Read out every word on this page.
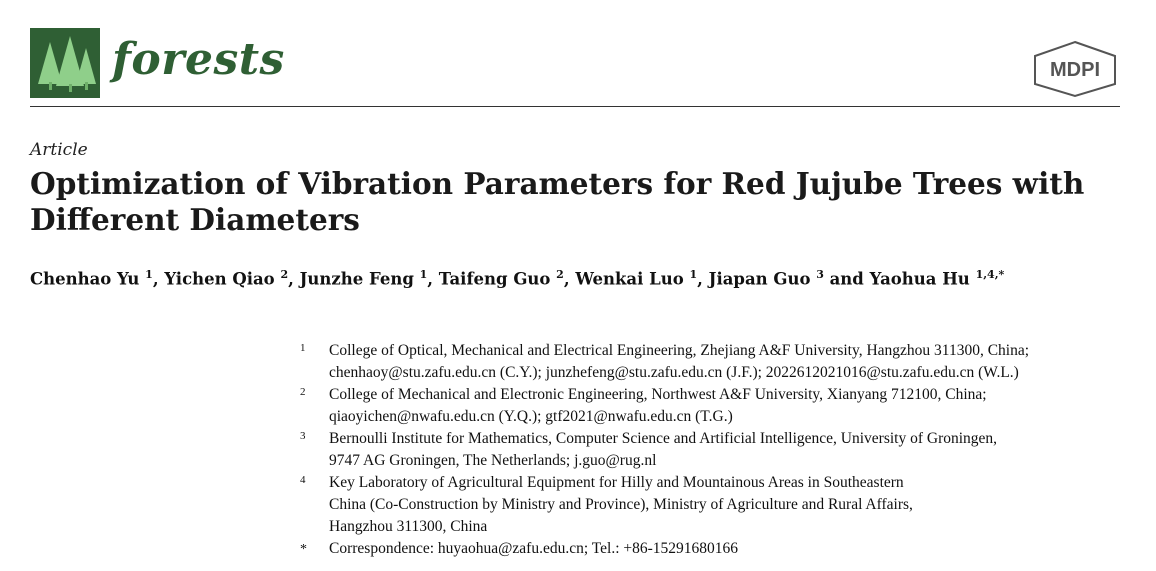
forests	MDPI
Article
Optimization of Vibration Parameters for Red Jujube Trees with Different Diameters
Chenhao Yu $^1$, Yichen Qiao $^2$, Junzhe Feng $^1$, Taifeng Guo $^2$, Wenkai Luo $^1$, Jiapan Guo $^3$ and Yaohua Hu $^{1,4,*}$
1 College of Optical, Mechanical and Electrical Engineering, Zhejiang A&F University, Hangzhou 311300, China;
chenhaoy@stu.zafu.edu.cn (C.Y.); junzhefeng@stu.zafu.edu.cn (J.F.); 2022612021016@stu.zafu.edu.cn (W.L.)
2 College of Mechanical and Electronic Engineering, Northwest A&F University, Xianyang 712100, China;
qiaoyichen@nwafu.edu.cn (Y.Q.); gtf2021@nwafu.edu.cn (T.G.)
3 Bernoulli Institute for Mathematics, Computer Science and Artificial Intelligence, University of Groningen,
9747 AG Groningen, The Netherlands; j.guo@rug.nl
4 Key Laboratory of Agricultural Equipment for Hilly and Mountainous Areas in Southeastern
China (Co-Construction by Ministry and Province), Ministry of Agriculture and Rural Affairs,
Hangzhou 311300, China
* Correspondence: huyaohua@zafu.edu.cn; Tel.: +86-15291680166
